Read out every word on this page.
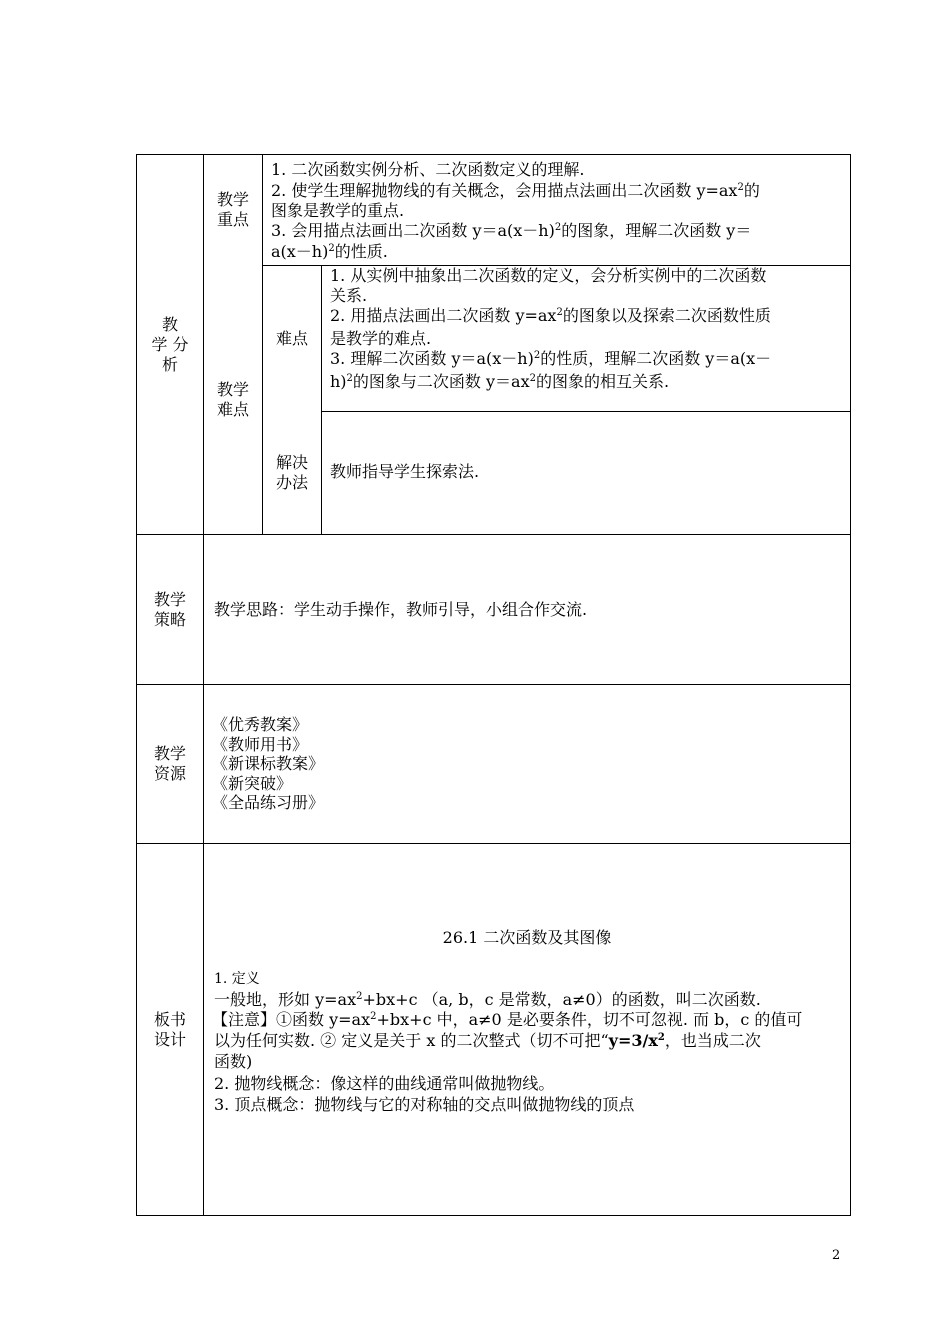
教
学 分
析
教学
重点
1. 二次函数实例分析、二次函数定义的理解.
2. 使学生理解抛物线的有关概念，会用描点法画出二次函数 $y=ax^2$的
图象是教学的重点.
3. 会用描点法画出二次函数 $y=a(x-h)^2$的图象，理解二次函数 y＝
$a(x-h)^2$的性质.
教学
难点
难点
1. 从实例中抽象出二次函数的定义，会分析实例中的二次函数
关系.
2. 用描点法画出二次函数 $y=ax^2$的图象以及探索二次函数性质
是教学的难点.
3. 理解二次函数 $y=a(x-h)^2$的性质，理解二次函数 y＝a(x－
h)$^2$的图象与二次函数 $y=ax^2$的图象的相互关系.
解决
办法
教师指导学生探索法.
教学
策略 教学思路：学生动手操作，教师引导，小组合作交流.
教学
资源
《优秀教案》
《教师用书》
《新课标教案》
《新突破》
《全品练习册》
板书
设计
26.1 二次函数及其图像
1. 定义
一般地，形如 $y=ax^2+bx+c$ （a, b，c 是常数，a≠0）的函数，叫二次函数.
【注意】①函数 $y=ax^2+bx+c$ 中，a≠0 是必要条件，切不可忽视. 而 b，c 的值可
以为任何实数. ② 定义是关于 x 的二次整式（切不可把“$y=3/x^2$，也当成二次
函数)
2. 抛物线概念：像这样的曲线通常叫做抛物线。
3. 顶点概念：抛物线与它的对称轴的交点叫做抛物线的顶点
2
